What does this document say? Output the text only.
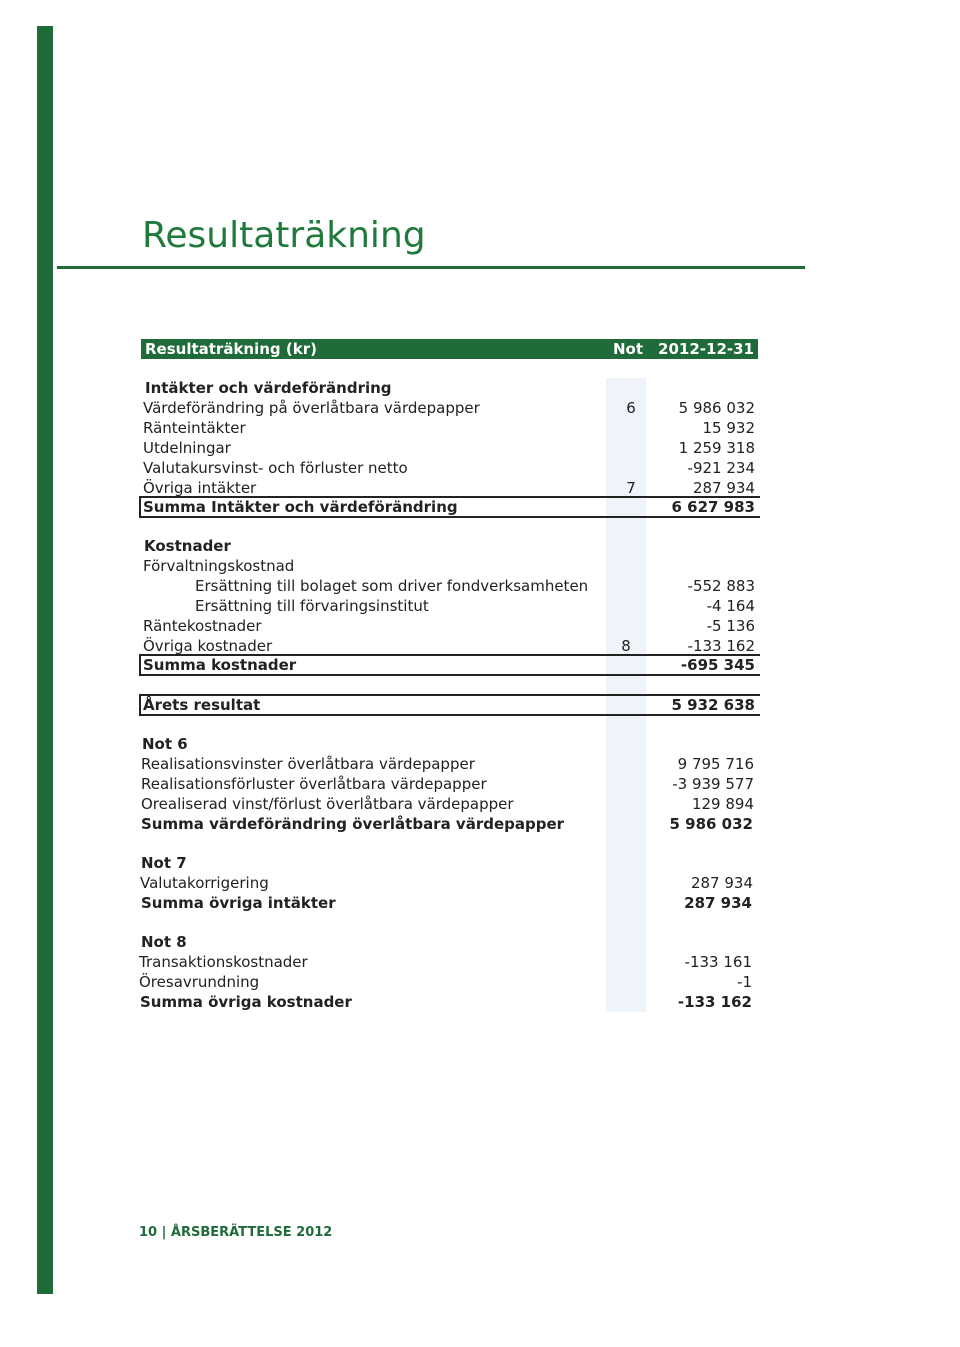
Resultaträkning
Resultaträkning (kr)	Not 2012-12-31
Intäkter och värdeförändring
Värdeförändring på överlåtbara värdepapper	6	5 986 032
Ränteintäkter	15 932
Utdelningar	1 259 318
Valutakursvinst- och förluster netto	-921 234
Övriga intäkter	7	287 934
Summa Intäkter och värdeförändring	6 627 983
Kostnader
Förvaltningskostnad
Ersättning till bolaget som driver fondverksamheten	-552 883
Ersättning till förvaringsinstitut	-4 164
Räntekostnader	-5 136
Övriga kostnader	8	-133 162
Summa kostnader	-695 345
Årets resultat	5 932 638
Not 6
Realisationsvinster överlåtbara värdepapper	9 795 716
Realisationsförluster överlåtbara värdepapper	-3 939 577
Orealiserad vinst/förlust överlåtbara värdepapper	129 894
Summa värdeförändring överlåtbara värdepapper	5 986 032
Not 7
Valutakorrigering	287 934
Summa övriga intäkter	287 934
Not 8
Transaktionskostnader	-133 161
Öresavrundning	-1
Summa övriga kostnader	-133 162
10 | ÅRSBERÄTTELSE 2012
